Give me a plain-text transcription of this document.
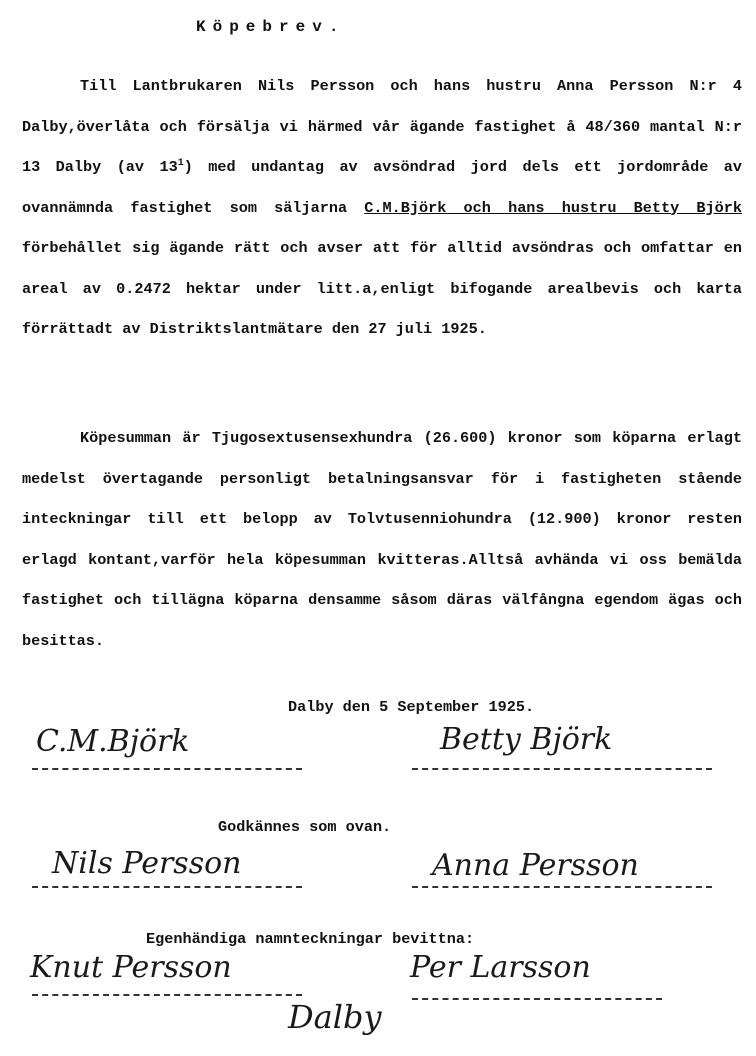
Köpebrev.

Till Lantbrukaren Nils Persson och hans hustru Anna Persson N:r 4 Dalby,överlåta och försälja vi härmed vår ägande fastighet å 48/360 mantal N:r 13 Dalby (av $13^1$) med undantag av avsöndrad jord dels ett jordområde av ovannämnda fastighet som säljarna C.M.Björk och hans hustru Betty Björk förbehållet sig ägande rätt och avser att för alltid avsöndras och omfattar en areal av 0.2472 hektar under litt.a,enligt bifogande arealbevis och karta förrättadt av Distriktslantmätare den 27 juli 1925.

Köpesumman är Tjugosextusensexhundra (26.600) kronor som köparna erlagt medelst övertagande personligt betalningsansvar för i fastigheten stående inteckningar till ett belopp av Tolvtusenniohundra (12.900) kronor resten erlagd kontant,varför hela köpesumman kvitteras.Alltså avhända vi oss bemälda fastighet och tillägna köparna densamme såsom däras välfångna egendom ägas och besittas.

Dalby den 5 September 1925.
C.M.Björk	Betty Björk
Godkännes som ovan.
Nils Persson	Anna Persson
Egenhändiga namnteckningar bevittna:
Knut Persson
Dalby
Per Larsson
